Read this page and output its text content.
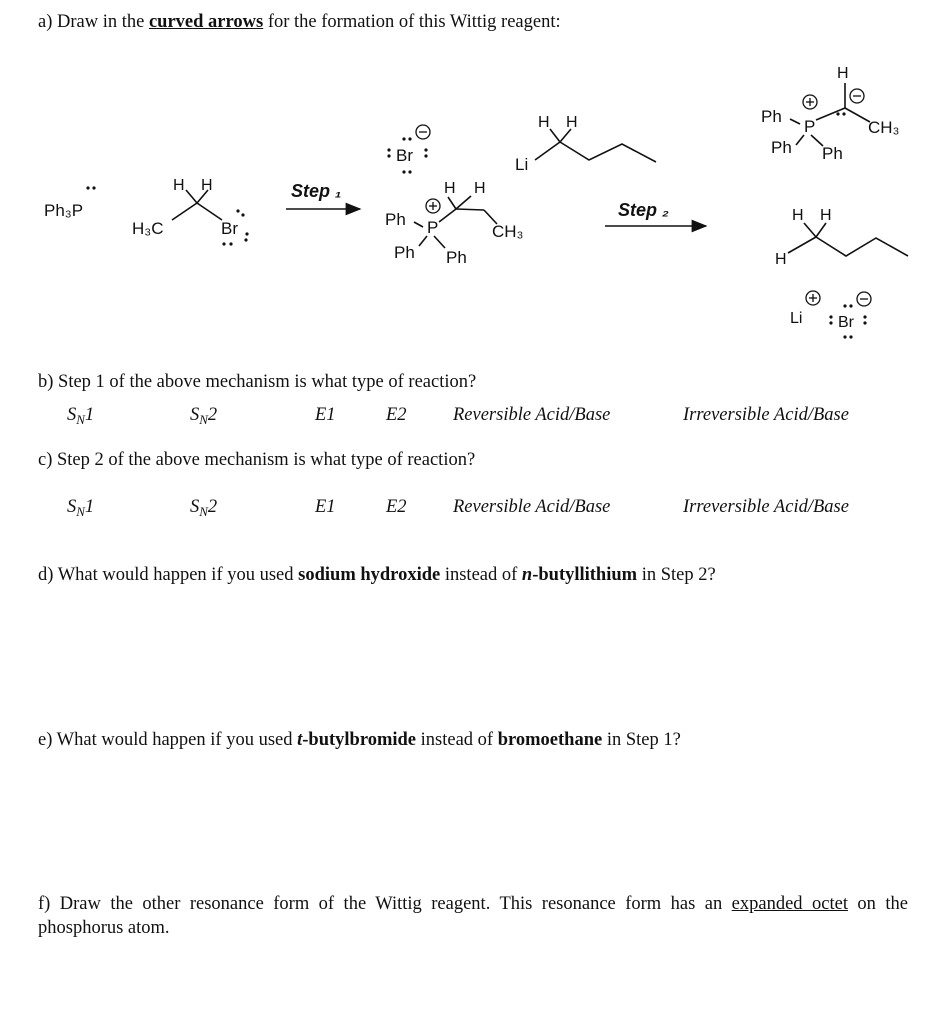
a) Draw in the curved arrows for the formation of this Wittig reagent:

Ph₃P
H₃C
H H
Br
Step ₁
Br
Ph P
H H
CH₃
Ph Ph
Li
H H
Step ₂
H
Ph
P	CH₃
Ph Ph
H H
H
Li Br

b) Step 1 of the above mechanism is what type of reaction?

$S_N1$	$S_N2$	E1	E2	Reversible Acid/Base	Irreversible Acid/Base

c) Step 2 of the above mechanism is what type of reaction?

$S_N1$	$S_N2$	E1	E2	Reversible Acid/Base	Irreversible Acid/Base

d) What would happen if you used sodium hydroxide instead of n-butyllithium in Step 2?

e) What would happen if you used t-butylbromide instead of bromoethane in Step 1?

f) Draw the other resonance form of the Wittig reagent. This resonance form has an expanded octet on the phosphorus atom.
